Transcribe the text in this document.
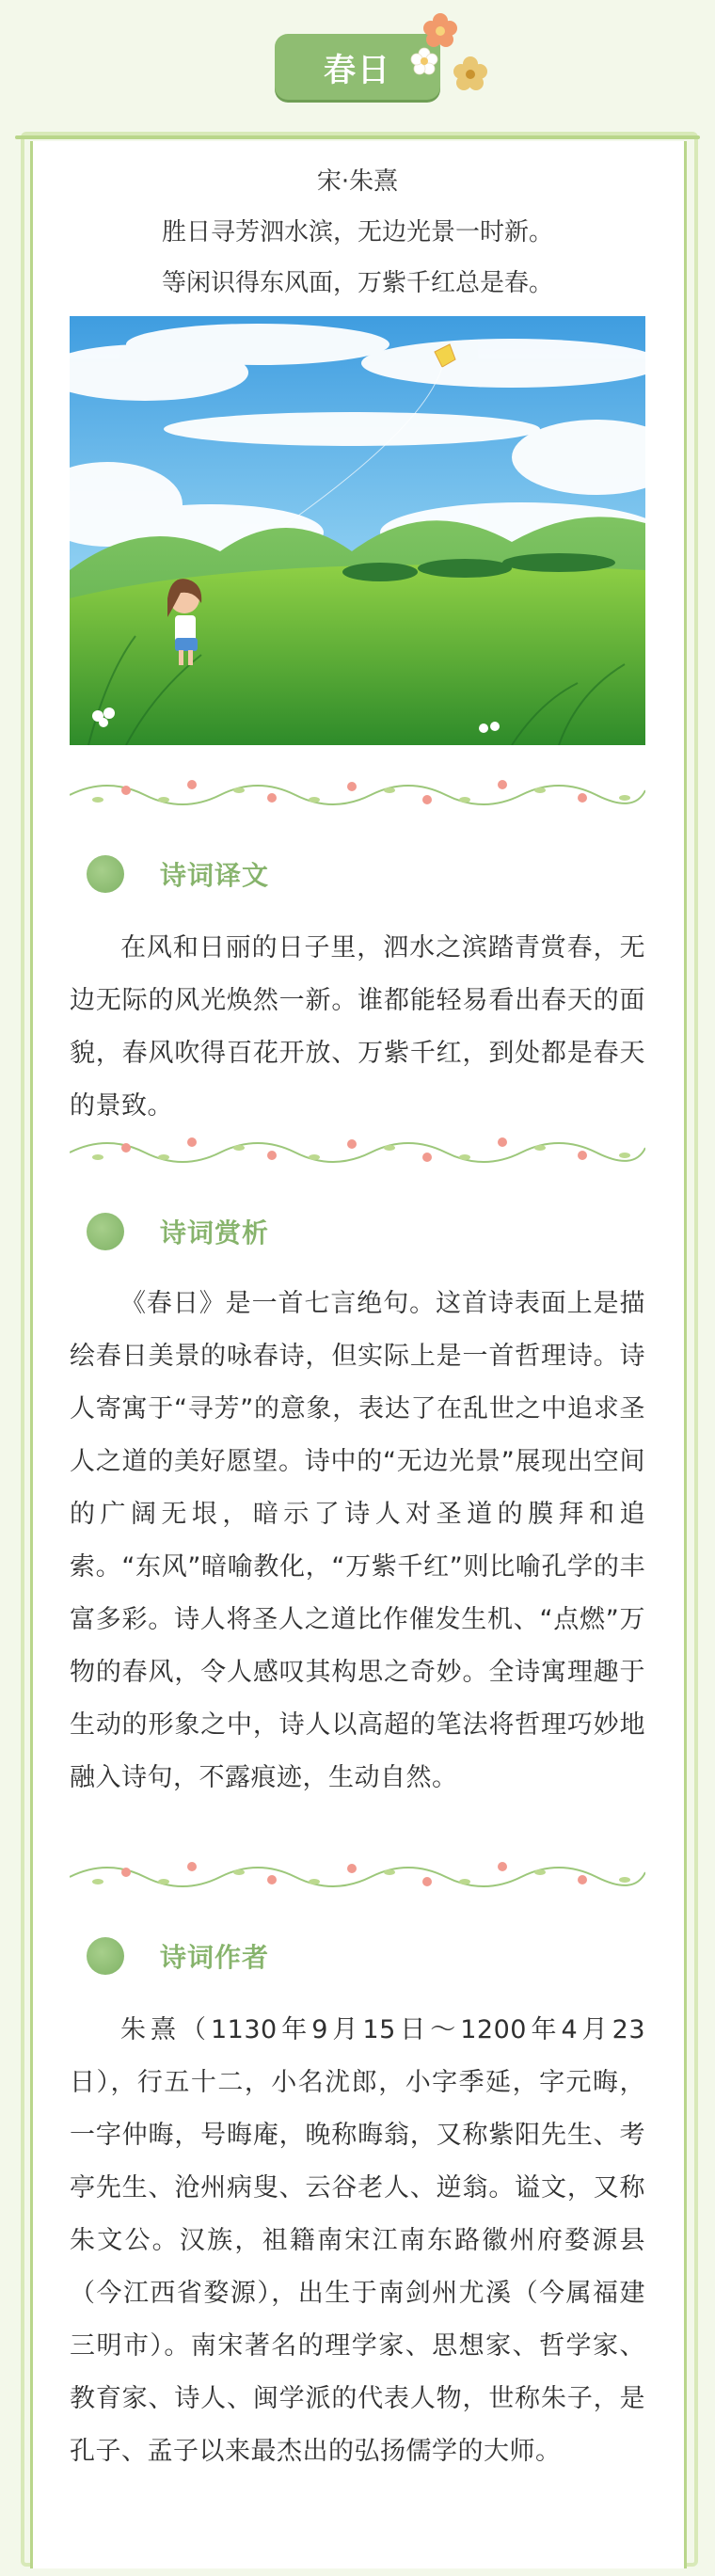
春日
宋·朱熹
胜日寻芳泗水滨，无边光景一时新。
等闲识得东风面，万紫千红总是春。
诗词译文
在风和日丽的日子里，泗水之滨踏青赏春，无边无际的风光焕然一新。谁都能轻易看出春天的面貌，春风吹得百花开放、万紫千红，到处都是春天的景致。
诗词赏析
《春日》是一首七言绝句。这首诗表面上是描绘春日美景的咏春诗，但实际上是一首哲理诗。诗人寄寓于“寻芳”的意象，表达了在乱世之中追求圣人之道的美好愿望。诗中的“无边光景”展现出空间的广阔无垠，暗示了诗人对圣道的膜拜和追索。“东风”暗喻教化，“万紫千红”则比喻孔学的丰富多彩。诗人将圣人之道比作催发生机、“点燃”万物的春风，令人感叹其构思之奇妙。全诗寓理趣于生动的形象之中，诗人以高超的笔法将哲理巧妙地融入诗句，不露痕迹，生动自然。
诗词作者
朱熹（1130年9月15日～1200年4月23日），行五十二，小名沋郎，小字季延，字元晦，一字仲晦，号晦庵，晚称晦翁，又称紫阳先生、考亭先生、沧州病叟、云谷老人、逆翁。谥文，又称朱文公。汉族，祖籍南宋江南东路徽州府婺源县（今江西省婺源），出生于南剑州尤溪（今属福建三明市）。南宋著名的理学家、思想家、哲学家、教育家、诗人、闽学派的代表人物，世称朱子，是孔子、孟子以来最杰出的弘扬儒学的大师。
